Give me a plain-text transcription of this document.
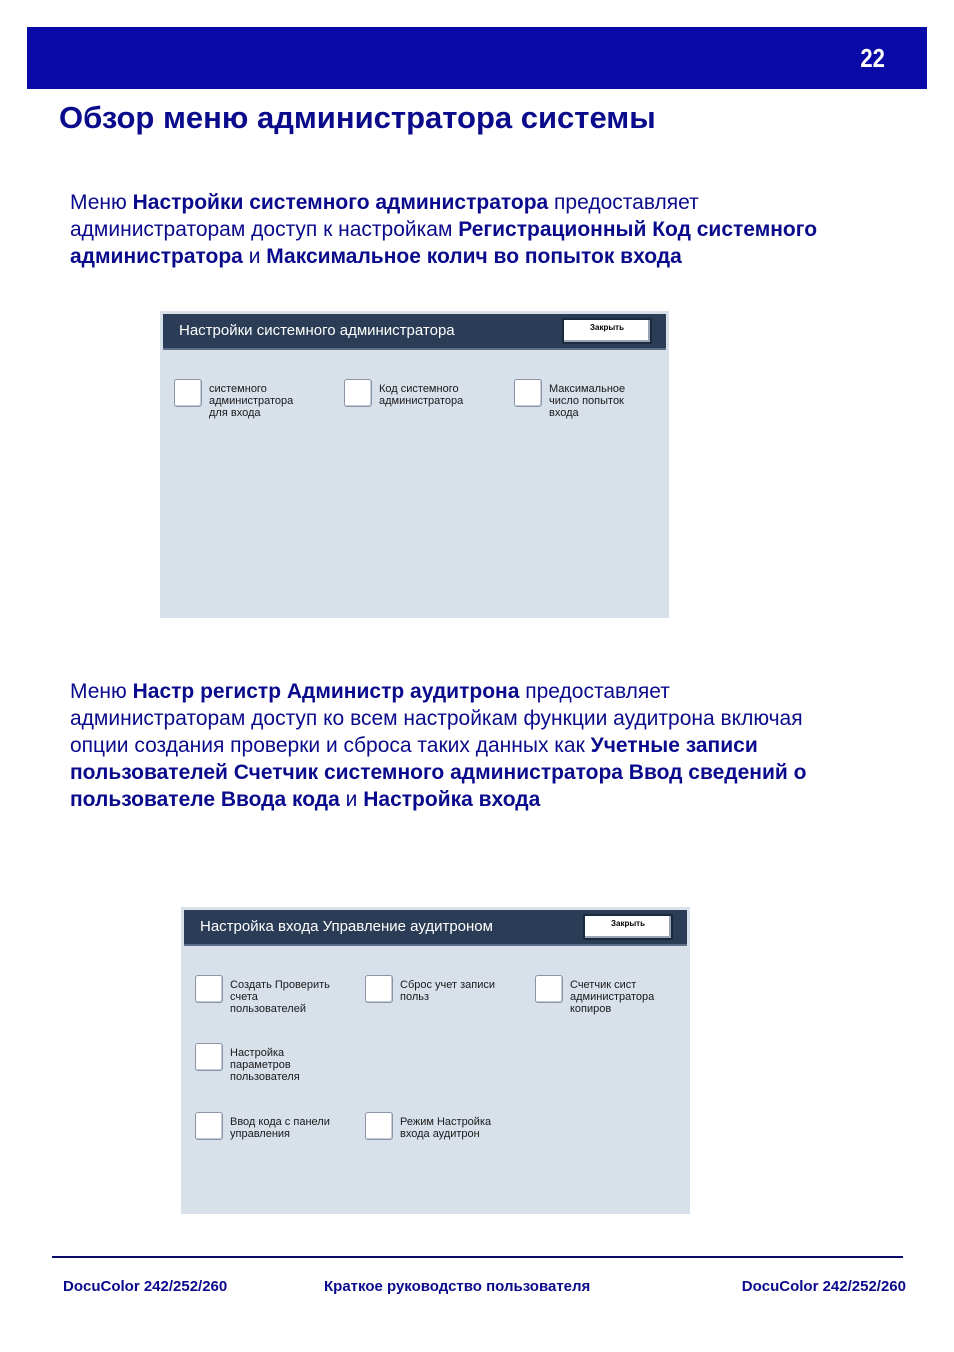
22
Обзор меню администратора системы
Меню Настройки системного администратора предоставляет администраторам доступ к настройкам Регистрационный Код системного администратора и Максимальное колич во попыток входа
Настройки системного администратора	Закрыть
системного
администратора
для входа
Код системного
администратора
Максимальное
число попыток
входа
Меню Настр регистр Администр аудитрона предоставляет администраторам доступ ко всем настройкам функции аудитрона включая опции создания проверки и сброса таких данных как Учетные записи пользователей Счетчик системного администратора Ввод сведений о пользователе Ввода кода и Настройка входа
Настройка входа Управление аудитроном	Закрыть
Создать Проверить
счета
пользователей
Сброс учет записи
польз
Счетчик сист
администратора
копиров
Настройка
параметров
пользователя
Ввод кода с панели
управления
Режим Настройка
входа аудитрон
DocuColor 242/252/260	Краткое руководство пользователя	DocuColor 242/252/260
